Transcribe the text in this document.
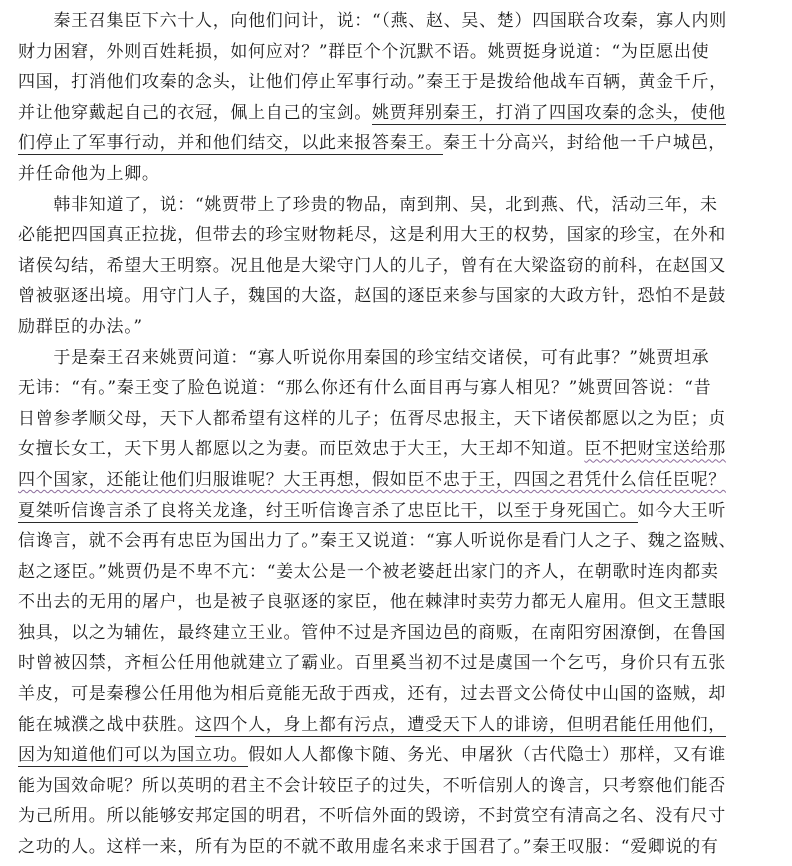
　　秦王召集臣下六十人，向他们问计，说：“（燕、赵、吴、楚）四国联合攻秦，寡人内则
财力困窘，外则百姓耗损，如何应对？”群臣个个沉默不语。姚贾挺身说道：“为臣愿出使
四国，打消他们攻秦的念头，让他们停止军事行动。”秦王于是拨给他战车百辆，黄金千斤，
并让他穿戴起自己的衣冠，佩上自己的宝剑。姚贾拜别秦王，打消了四国攻秦的念头，使他
们停止了军事行动，并和他们结交，以此来报答秦王。秦王十分高兴，封给他一千户城邑，
并任命他为上卿。
　　韩非知道了，说：“姚贾带上了珍贵的物品，南到荆、吴，北到燕、代，活动三年，未
必能把四国真正拉拢，但带去的珍宝财物耗尽，这是利用大王的权势，国家的珍宝，在外和
诸侯勾结，希望大王明察。况且他是大梁守门人的儿子，曾有在大梁盗窃的前科，在赵国又
曾被驱逐出境。用守门人子，魏国的大盗，赵国的逐臣来参与国家的大政方针，恐怕不是鼓
励群臣的办法。”
　　于是秦王召来姚贾问道：“寡人听说你用秦国的珍宝结交诸侯，可有此事？”姚贾坦承
无讳：“有。”秦王变了脸色说道：“那么你还有什么面目再与寡人相见？”姚贾回答说：“昔
日曾参孝顺父母，天下人都希望有这样的儿子；伍胥尽忠报主，天下诸侯都愿以之为臣；贞
女擅长女工，天下男人都愿以之为妻。而臣效忠于大王，大王却不知道。臣不把财宝送给那
四个国家，还能让他们归服谁呢？大王再想，假如臣不忠于王，四国之君凭什么信任臣呢？
夏桀听信谗言杀了良将关龙逢，纣王听信谗言杀了忠臣比干，以至于身死国亡。如今大王听
信谗言，就不会再有忠臣为国出力了。”秦王又说道：“寡人听说你是看门人之子、魏之盗贼、
赵之逐臣。”姚贾仍是不卑不亢：“姜太公是一个被老婆赶出家门的齐人，在朝歌时连肉都卖
不出去的无用的屠户，也是被子良驱逐的家臣，他在棘津时卖劳力都无人雇用。但文王慧眼
独具，以之为辅佐，最终建立王业。管仲不过是齐国边邑的商贩，在南阳穷困潦倒，在鲁国
时曾被囚禁，齐桓公任用他就建立了霸业。百里奚当初不过是虞国一个乞丐，身价只有五张
羊皮，可是秦穆公任用他为相后竟能无敌于西戎，还有，过去晋文公倚仗中山国的盗贼，却
能在城濮之战中获胜。这四个人，身上都有污点，遭受天下人的诽谤，但明君能任用他们，
因为知道他们可以为国立功。假如人人都像卞随、务光、申屠狄（古代隐士）那样，又有谁
能为国效命呢？所以英明的君主不会计较臣子的过失，不听信别人的谗言，只考察他们能否
为己所用。所以能够安邦定国的明君，不听信外面的毁谤，不封赏空有清高之名、没有尺寸
之功的人。这样一来，所有为臣的不就不敢用虚名来求于国君了。”秦王叹服：“爱卿说的有
